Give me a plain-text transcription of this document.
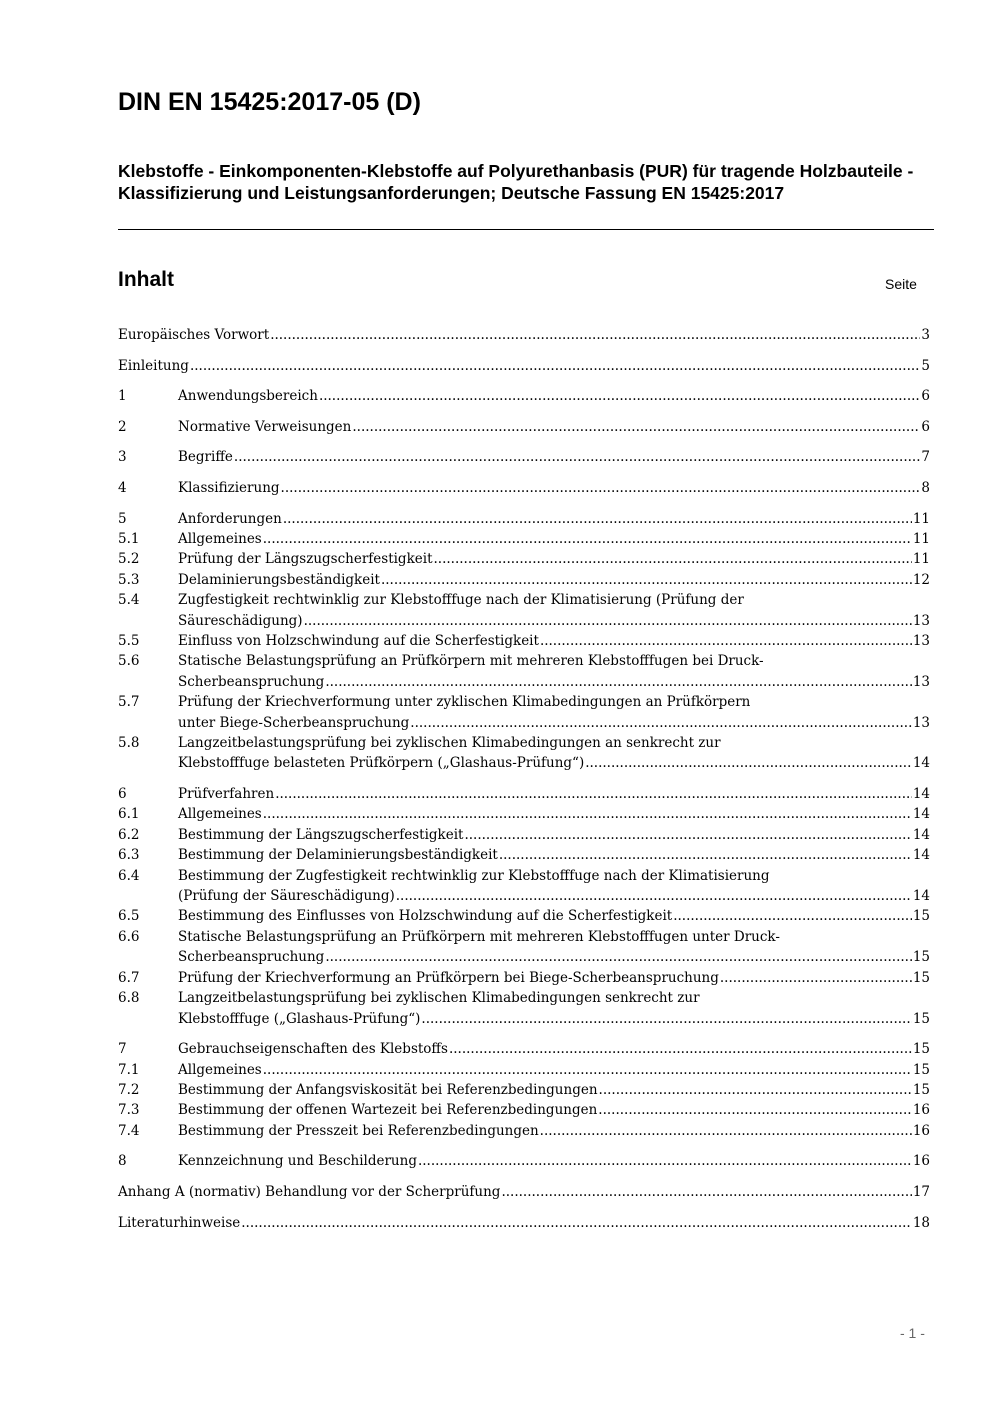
DIN EN 15425:2017-05 (D)
Klebstoffe - Einkomponenten-Klebstoffe auf Polyurethanbasis (PUR) für tragende Holzbauteile - Klassifizierung und Leistungsanforderungen; Deutsche Fassung EN 15425:2017
Inhalt	Seite
Europäisches Vorwort .....	3
Einleitung .....	5
1	Anwendungsbereich .....	6
2	Normative Verweisungen .....	6
3	Begriffe .....	7
4	Klassifizierung .....	8
5	Anforderungen .....	11
5.1	Allgemeines .....	11
5.2	Prüfung der Längszugscherfestigkeit .....	11
5.3	Delaminierungsbeständigkeit .....	12
5.4	Zugfestigkeit rechtwinklig zur Klebstofffuge nach der Klimatisierung (Prüfung der
Säureschädigung) .....	13
5.5	Einfluss von Holzschwindung auf die Scherfestigkeit .....	13
5.6	Statische Belastungsprüfung an Prüfkörpern mit mehreren Klebstofffugen bei Druck-
Scherbeanspruchung .....	13
5.7	Prüfung der Kriechverformung unter zyklischen Klimabedingungen an Prüfkörpern
unter Biege-Scherbeanspruchung .....	13
5.8	Langzeitbelastungsprüfung bei zyklischen Klimabedingungen an senkrecht zur
Klebstofffuge belasteten Prüfkörpern („Glashaus-Prüfung“) .....	14
6	Prüfverfahren .....	14
6.1	Allgemeines .....	14
6.2	Bestimmung der Längszugscherfestigkeit .....	14
6.3	Bestimmung der Delaminierungsbeständigkeit .....	14
6.4	Bestimmung der Zugfestigkeit rechtwinklig zur Klebstofffuge nach der Klimatisierung
(Prüfung der Säureschädigung) .....	14
6.5	Bestimmung des Einflusses von Holzschwindung auf die Scherfestigkeit .....	15
6.6	Statische Belastungsprüfung an Prüfkörpern mit mehreren Klebstofffugen unter Druck-
Scherbeanspruchung .....	15
6.7	Prüfung der Kriechverformung an Prüfkörpern bei Biege-Scherbeanspruchung .....	15
6.8	Langzeitbelastungsprüfung bei zyklischen Klimabedingungen senkrecht zur
Klebstofffuge („Glashaus-Prüfung“) .....	15
7	Gebrauchseigenschaften des Klebstoffs .....	15
7.1	Allgemeines .....	15
7.2	Bestimmung der Anfangsviskosität bei Referenzbedingungen .....	15
7.3	Bestimmung der offenen Wartezeit bei Referenzbedingungen .....	16
7.4	Bestimmung der Presszeit bei Referenzbedingungen .....	16
8	Kennzeichnung und Beschilderung .....	16
Anhang A (normativ) Behandlung vor der Scherprüfung .....	17
Literaturhinweise .....	18
- 1 -
